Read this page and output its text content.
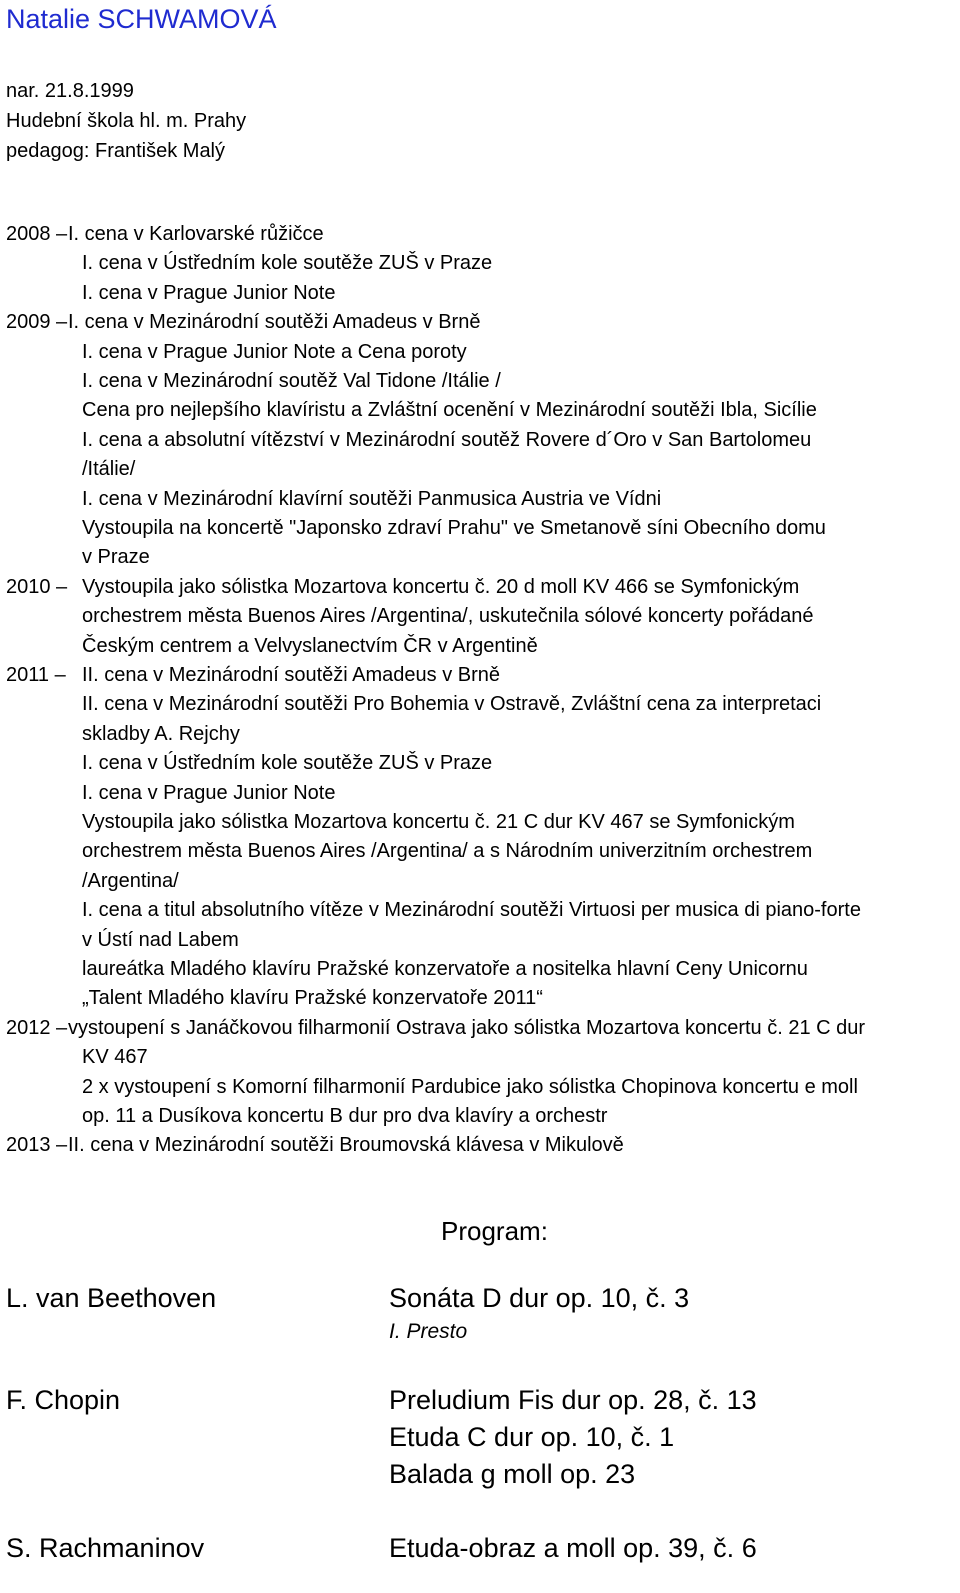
Natalie SCHWAMOVÁ
nar. 21.8.1999
Hudební škola hl. m. Prahy
pedagog: František Malý
2008 – I. cena v Karlovarské růžičce
I. cena v Ústředním kole soutěže ZUŠ v Praze
I. cena v Prague Junior Note
2009 – I. cena v Mezinárodní soutěži Amadeus v Brně
I. cena v Prague Junior Note a Cena poroty
I. cena v Mezinárodní soutěž Val Tidone /Itálie /
Cena pro nejlepšího klavíristu a Zvláštní ocenění v Mezinárodní soutěži Ibla, Sicílie
I. cena a absolutní vítězství v Mezinárodní soutěž Rovere d´Oro v San Bartolomeu
/Itálie/
I. cena v Mezinárodní klavírní soutěži Panmusica Austria ve Vídni
Vystoupila na koncertě "Japonsko zdraví Prahu" ve Smetanově síni Obecního domu
v Praze
2010 – Vystoupila jako sólistka Mozartova koncertu č. 20 d moll KV 466 se Symfonickým
orchestrem města Buenos Aires /Argentina/, uskutečnila sólové koncerty pořádané
Českým centrem a Velvyslanectvím ČR v Argentině
2011 – II. cena v Mezinárodní soutěži Amadeus v Brně
II. cena v Mezinárodní soutěži Pro Bohemia v Ostravě, Zvláštní cena za interpretaci
skladby A. Rejchy
I. cena v Ústředním kole soutěže ZUŠ v Praze
I. cena v Prague Junior Note
Vystoupila jako sólistka Mozartova koncertu č. 21 C dur KV 467 se Symfonickým
orchestrem města Buenos Aires /Argentina/ a s Národním univerzitním orchestrem
/Argentina/
I. cena a titul absolutního vítěze v Mezinárodní soutěži Virtuosi per musica di piano-forte
v Ústí nad Labem
laureátka Mladého klavíru Pražské konzervatoře a nositelka hlavní Ceny Unicornu
„Talent Mladého klavíru Pražské konzervatoře 2011“
2012 – vystoupení s Janáčkovou filharmonií Ostrava jako sólistka Mozartova koncertu č. 21 C dur
KV 467
2 x vystoupení s Komorní filharmonií Pardubice jako sólistka Chopinova koncertu e moll
op. 11 a Dusíkova koncertu B dur pro dva klavíry a orchestr
2013 – II. cena v Mezinárodní soutěži Broumovská klávesa v Mikulově
Program:
L. van Beethoven	Sonáta D dur op. 10, č. 3
I. Presto
F. Chopin	Preludium Fis dur op. 28, č. 13
Etuda C dur op. 10, č. 1
Balada g moll op. 23
S. Rachmaninov	Etuda-obraz a moll op. 39, č. 6
